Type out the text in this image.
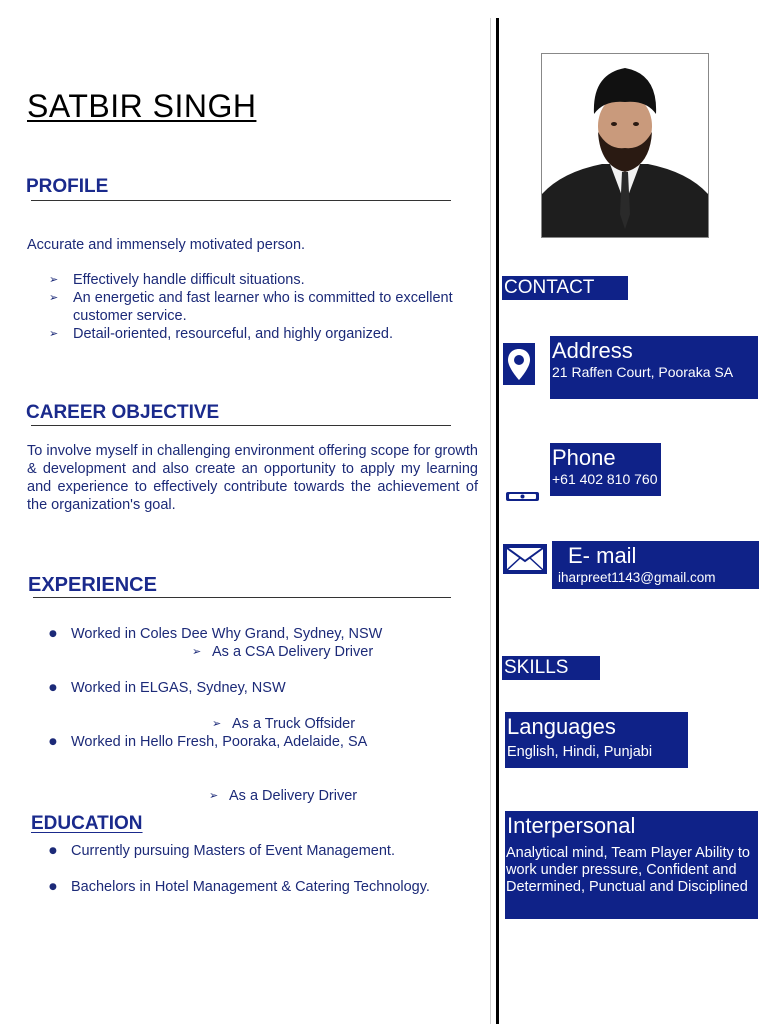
SATBIR SINGH
PROFILE
Accurate and immensely motivated person.
➢ Effectively handle difficult situations.
➢ An energetic and fast learner who is committed to excellent customer service.
➢ Detail-oriented, resourceful, and highly organized.
CAREER OBJECTIVE
To involve myself in challenging environment offering scope for growth & development and also create an opportunity to apply my learning and experience to effectively contribute towards the achievement of the organization's goal.
EXPERIENCE
● Worked in Coles Dee Why Grand, Sydney, NSW
➢ As a CSA Delivery Driver
● Worked in ELGAS, Sydney, NSW
➢ As a Truck Offsider
● Worked in Hello Fresh, Pooraka, Adelaide, SA
➢ As a Delivery Driver
EDUCATION
● Currently pursuing Masters of Event Management.
● Bachelors in Hotel Management & Catering Technology.
CONTACT
Address
21 Raffen Court, Pooraka SA
Phone
+61 402 810 760
E- mail
iharpreet1143@gmail.com
SKILLS
Languages
English, Hindi, Punjabi
Interpersonal
Analytical mind, Team Player Ability to work under pressure, Confident and Determined, Punctual and Disciplined
